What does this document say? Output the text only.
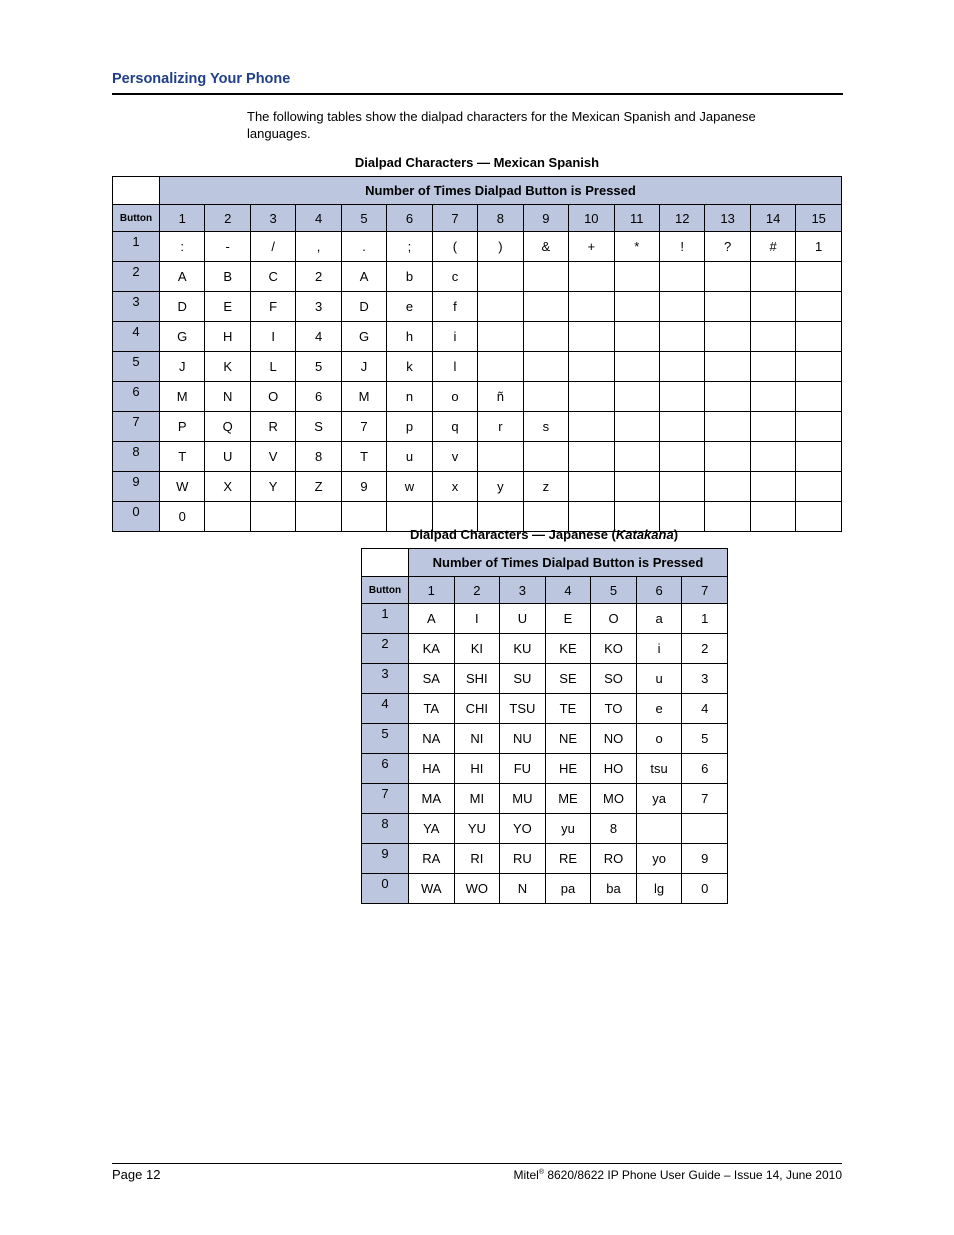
Personalizing Your Phone
The following tables show the dialpad characters for the Mexican Spanish and Japanese languages.
Dialpad Characters — Mexican Spanish
	Number of Times Dialpad Button is Pressed														
Button	1	2	3	4	5	6	7	8	9	10	11	12	13	14	15
1	:	-	/	,	.	;	(	)	&	+	*	!	?	#	1
2	A	B	C	2	A	b	c								
3	D	E	F	3	D	e	f								
4	G	H	I	4	G	h	i								
5	J	K	L	5	J	k	l								
6	M	N	O	6	M	n	o	ñ							
7	P	Q	R	S	7	p	q	r	s						
8	T	U	V	8	T	u	v								
9	W	X	Y	Z	9	w	x	y	z						
0	0														
Dialpad Characters — Japanese (Katakana)
	Number of Times Dialpad Button is Pressed						
Button	1	2	3	4	5	6	7
1	A	I	U	E	O	a	1
2	KA	KI	KU	KE	KO	i	2
3	SA	SHI	SU	SE	SO	u	3
4	TA	CHI	TSU	TE	TO	e	4
5	NA	NI	NU	NE	NO	o	5
6	HA	HI	FU	HE	HO	tsu	6
7	MA	MI	MU	ME	MO	ya	7
8	YA	YU	YO	yu	8		
9	RA	RI	RU	RE	RO	yo	9
0	WA	WO	N	pa	ba	lg	0
Page 12	Mitel® 8620/8622 IP Phone User Guide – Issue 14, June 2010
